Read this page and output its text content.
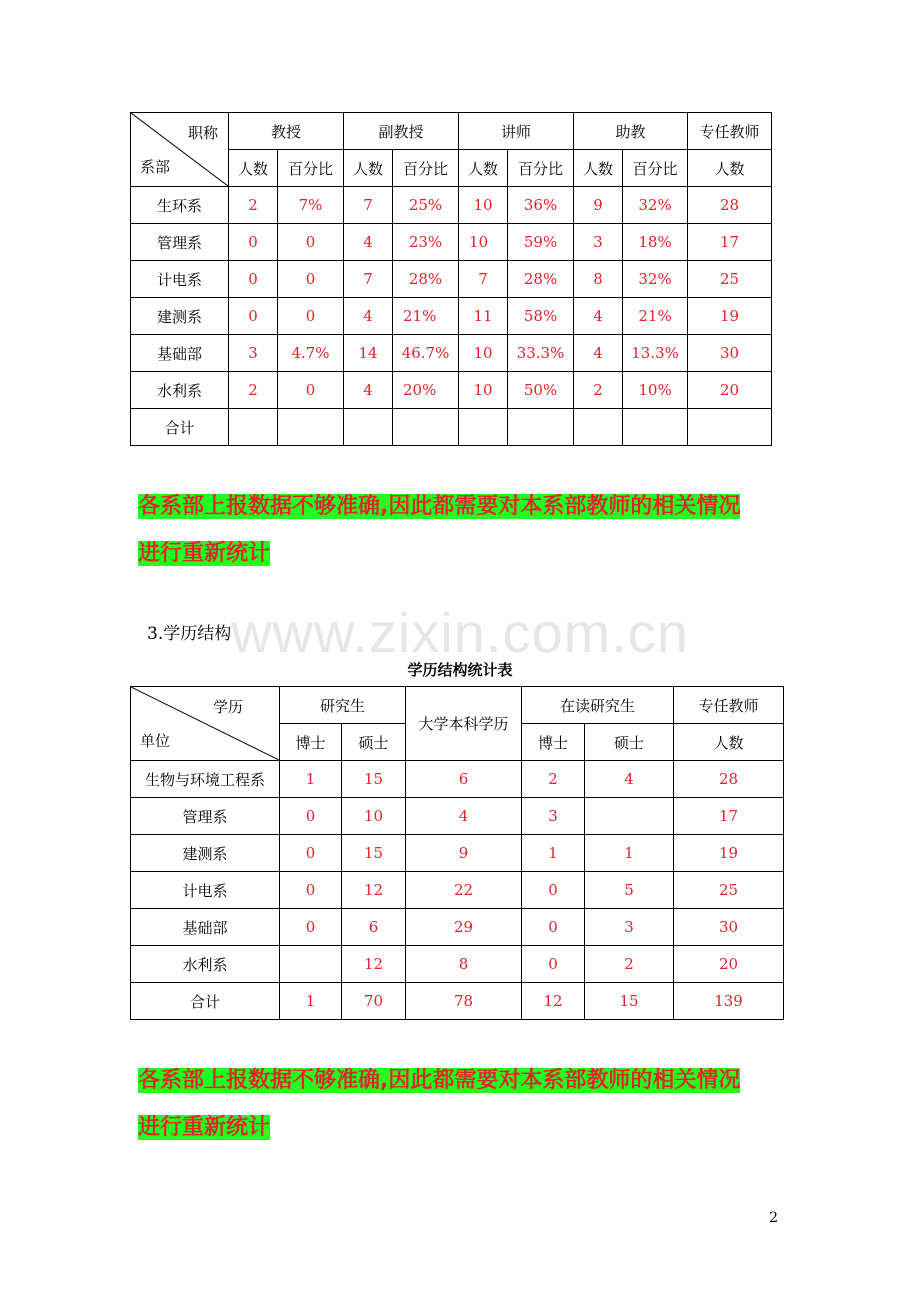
www.zixin.com.cn
职称
系部	教授		副教授		讲师		助教		专任教师
	人数	百分比	人数	百分比	人数	百分比	人数	百分比	人数
生环系	2	7%	7	25%	10	36%	9	32%	28
管理系	0	0	4	23%	10	59%	3	18%	17
计电系	0	0	7	28%	7	28%	8	32%	25
建测系	0	0	4	21%	11	58%	4	21%	19
基础部	3	4.7%	14	46.7%	10	33.3%	4	13.3%	30
水利系	2	0	4	20%	10	50%	2	10%	20
合计									
各系部上报数据不够准确,因此都需要对本系部教师的相关情况
进行重新统计
3.学历结构
学历结构统计表
学历
单位	研究生		大学本科学历	在读研究生		专任教师
	博士	硕士		博士	硕士	人数
生物与环境工程系	1	15	6	2	4	28
管理系	0	10	4	3		17
建测系	0	15	9	1	1	19
计电系	0	12	22	0	5	25
基础部	0	6	29	0	3	30
水利系		12	8	0	2	20
合计	1	70	78	12	15	139
各系部上报数据不够准确,因此都需要对本系部教师的相关情况
进行重新统计
2
